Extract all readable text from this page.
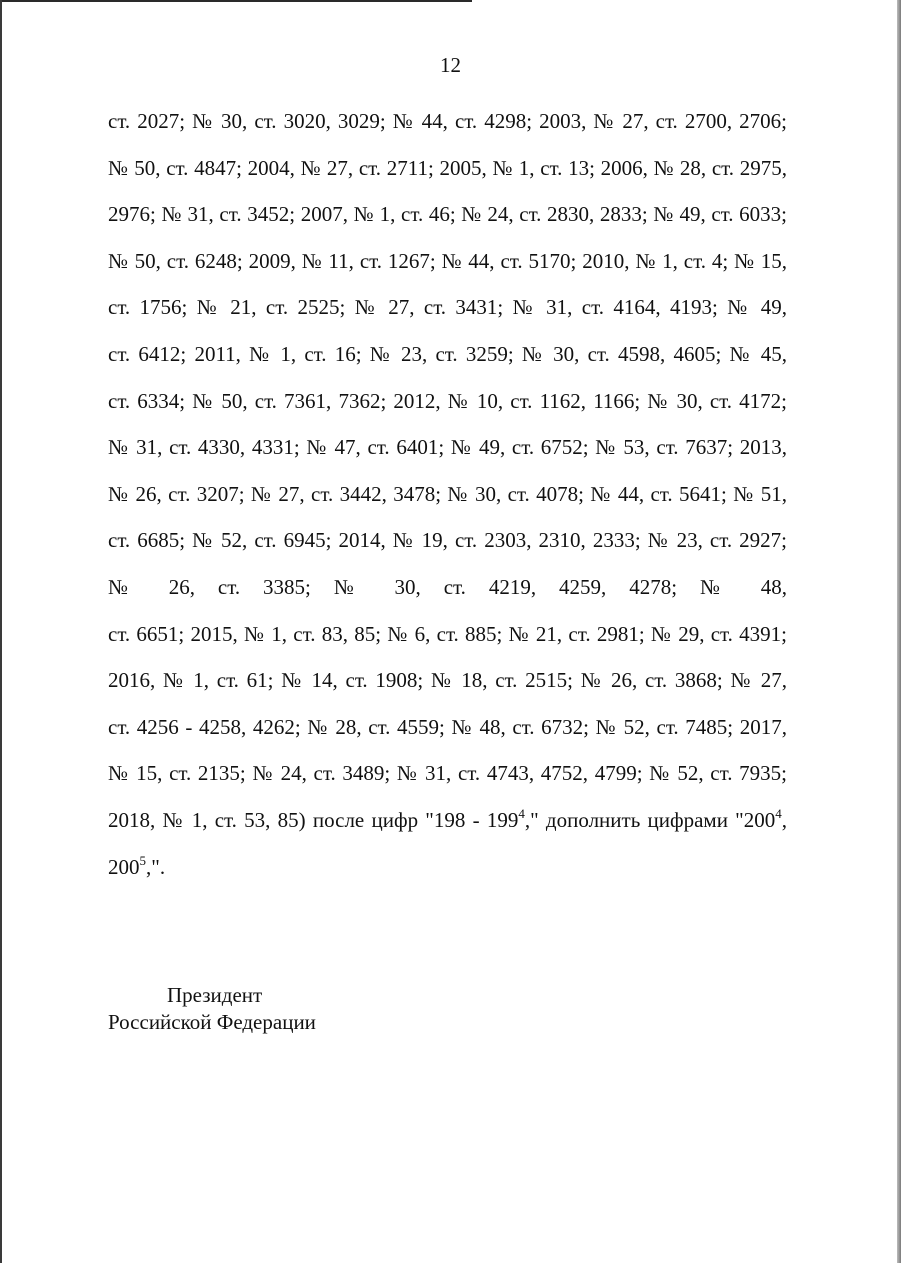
12
ст. 2027; № 30, ст. 3020, 3029; № 44, ст. 4298; 2003, № 27, ст. 2700, 2706;
№ 50, ст. 4847; 2004, № 27, ст. 2711; 2005, № 1, ст. 13; 2006, № 28, ст. 2975,
2976; № 31, ст. 3452; 2007, № 1, ст. 46; № 24, ст. 2830, 2833; № 49, ст. 6033;
№ 50, ст. 6248; 2009, № 11, ст. 1267; № 44, ст. 5170; 2010, № 1, ст. 4; № 15,
ст. 1756; № 21, ст. 2525; № 27, ст. 3431; № 31, ст. 4164, 4193; № 49,
ст. 6412; 2011, № 1, ст. 16; № 23, ст. 3259; № 30, ст. 4598, 4605; № 45,
ст. 6334; № 50, ст. 7361, 7362; 2012, № 10, ст. 1162, 1166; № 30, ст. 4172;
№ 31, ст. 4330, 4331; № 47, ст. 6401; № 49, ст. 6752; № 53, ст. 7637; 2013,
№ 26, ст. 3207; № 27, ст. 3442, 3478; № 30, ст. 4078; № 44, ст. 5641; № 51,
ст. 6685; № 52, ст. 6945; 2014, № 19, ст. 2303, 2310, 2333; № 23, ст. 2927;
№ 26, ст. 3385; № 30, ст. 4219, 4259, 4278; № 48,
ст. 6651; 2015, № 1, ст. 83, 85; № 6, ст. 885; № 21, ст. 2981; № 29, ст. 4391;
2016, № 1, ст. 61; № 14, ст. 1908; № 18, ст. 2515; № 26, ст. 3868; № 27,
ст. 4256 - 4258, 4262; № 28, ст. 4559; № 48, ст. 6732; № 52, ст. 7485; 2017,
№ 15, ст. 2135; № 24, ст. 3489; № 31, ст. 4743, 4752, 4799; № 52, ст. 7935;
2018, № 1, ст. 53, 85) после цифр "$198 - 199^4$," дополнить цифрами "$200^4$,
$200^5$,".
Президент
Российской Федерации
